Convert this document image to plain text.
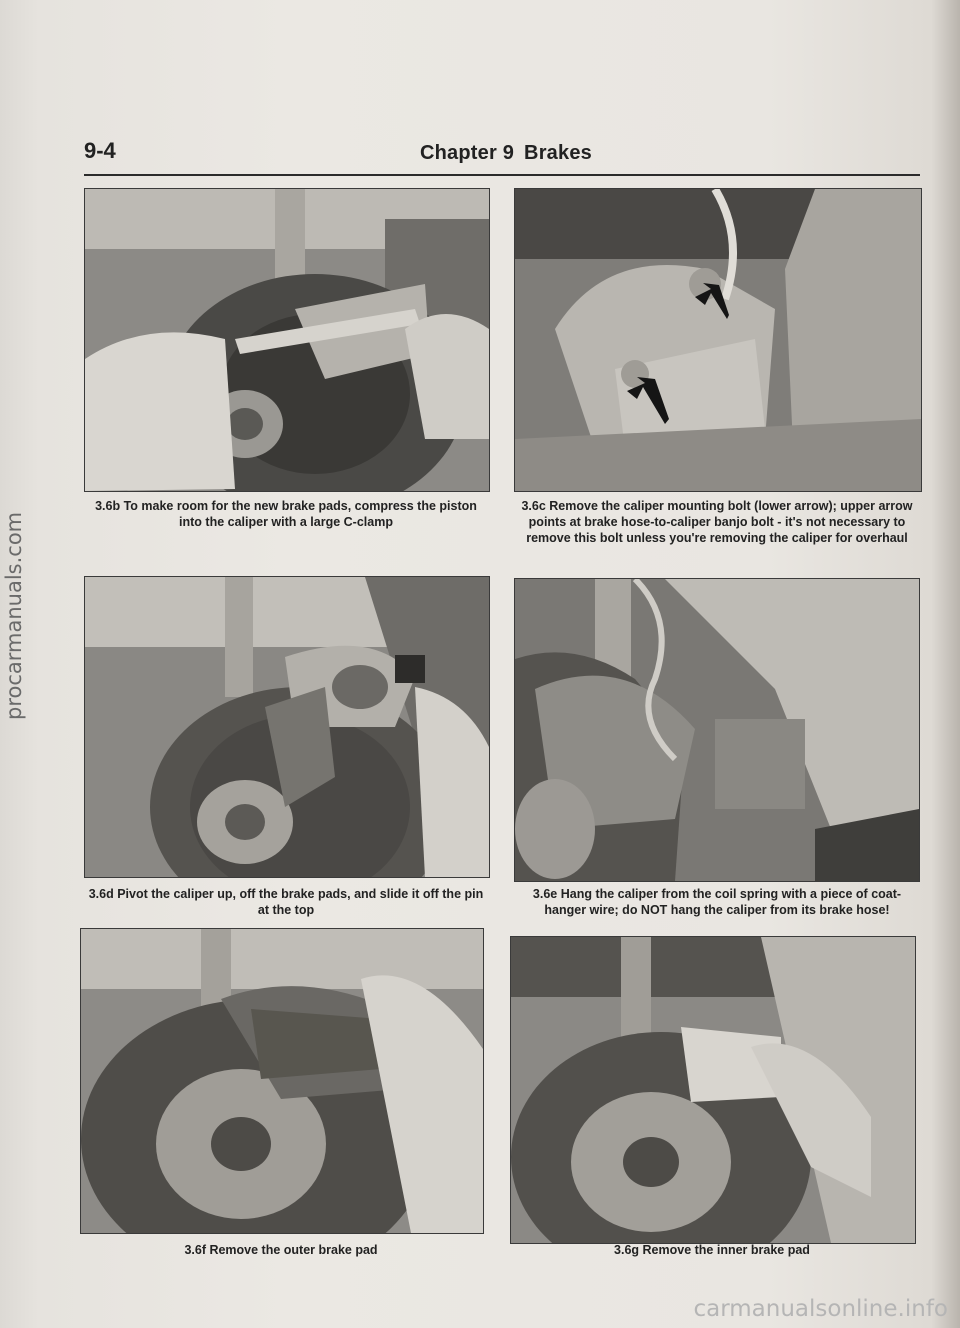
9-4	Chapter 9 Brakes
3.6b To make room for the new brake pads, compress the piston into the caliper with a large C-clamp
3.6c Remove the caliper mounting bolt (lower arrow); upper arrow points at brake hose-to-caliper banjo bolt - it's not necessary to remove this bolt unless you're removing the caliper for overhaul
3.6d Pivot the caliper up, off the brake pads, and slide it off the pin at the top
3.6e Hang the caliper from the coil spring with a piece of coat-hanger wire; do NOT hang the caliper from its brake hose!
3.6f Remove the outer brake pad	3.6g Remove the inner brake pad
procarmanuals.com
carmanualsonline.info
